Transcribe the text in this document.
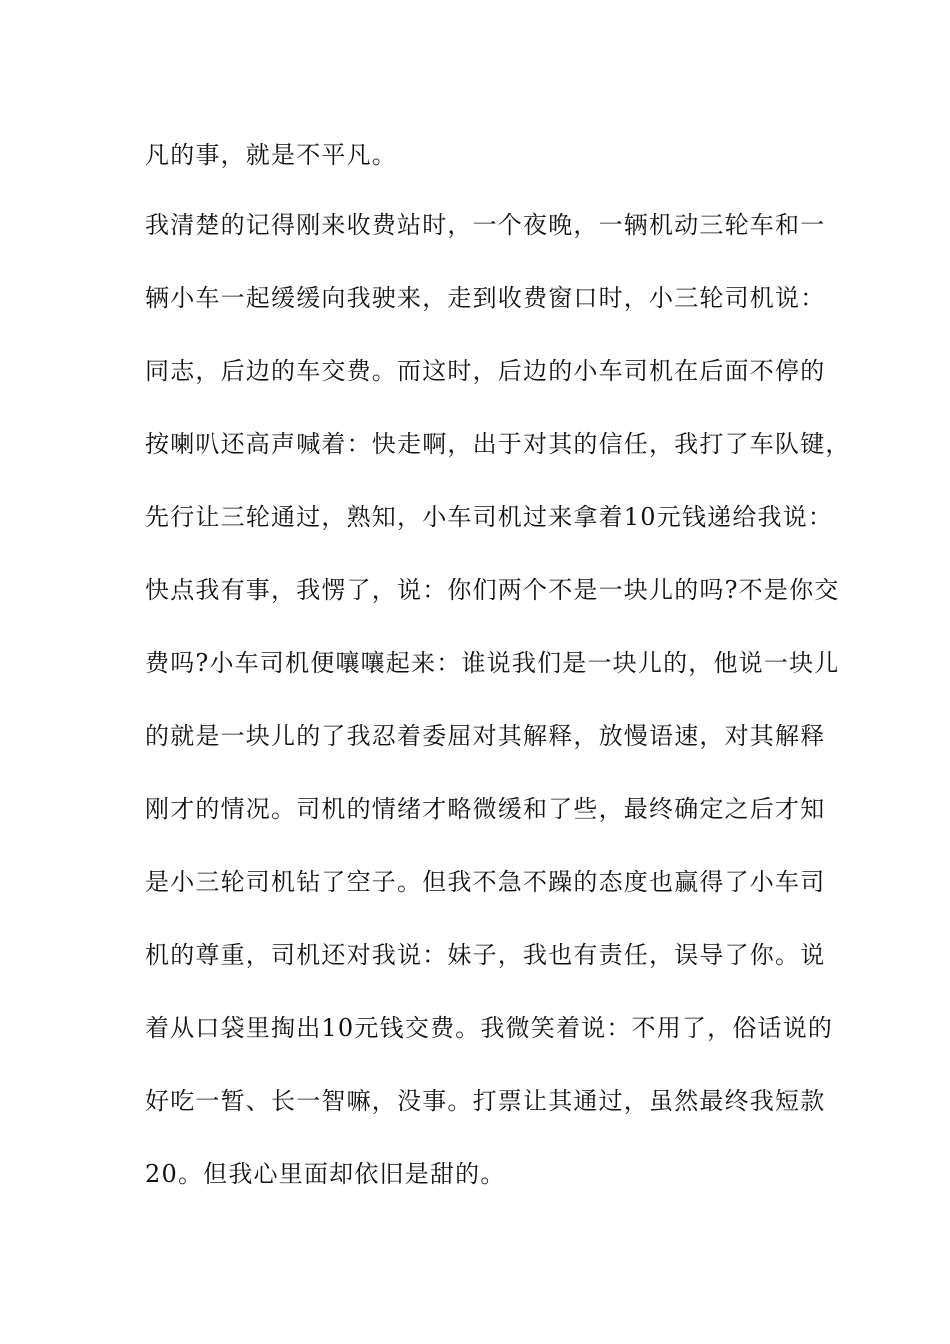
凡的事，就是不平凡。
我清楚的记得刚来收费站时，一个夜晚，一辆机动三轮车和一
辆小车一起缓缓向我驶来，走到收费窗口时，小三轮司机说：
同志，后边的车交费。而这时，后边的小车司机在后面不停的
按喇叭还高声喊着：快走啊，出于对其的信任，我打了车队键，
先行让三轮通过，熟知，小车司机过来拿着10元钱递给我说：
快点我有事，我愣了，说：你们两个不是一块儿的吗?不是你交
费吗?小车司机便嚷嚷起来：谁说我们是一块儿的，他说一块儿
的就是一块儿的了我忍着委屈对其解释，放慢语速，对其解释
刚才的情况。司机的情绪才略微缓和了些，最终确定之后才知
是小三轮司机钻了空子。但我不急不躁的态度也赢得了小车司
机的尊重，司机还对我说：妹子，我也有责任，误导了你。说
着从口袋里掏出10元钱交费。我微笑着说：不用了，俗话说的
好吃一暂、长一智嘛，没事。打票让其通过，虽然最终我短款
20。但我心里面却依旧是甜的。
